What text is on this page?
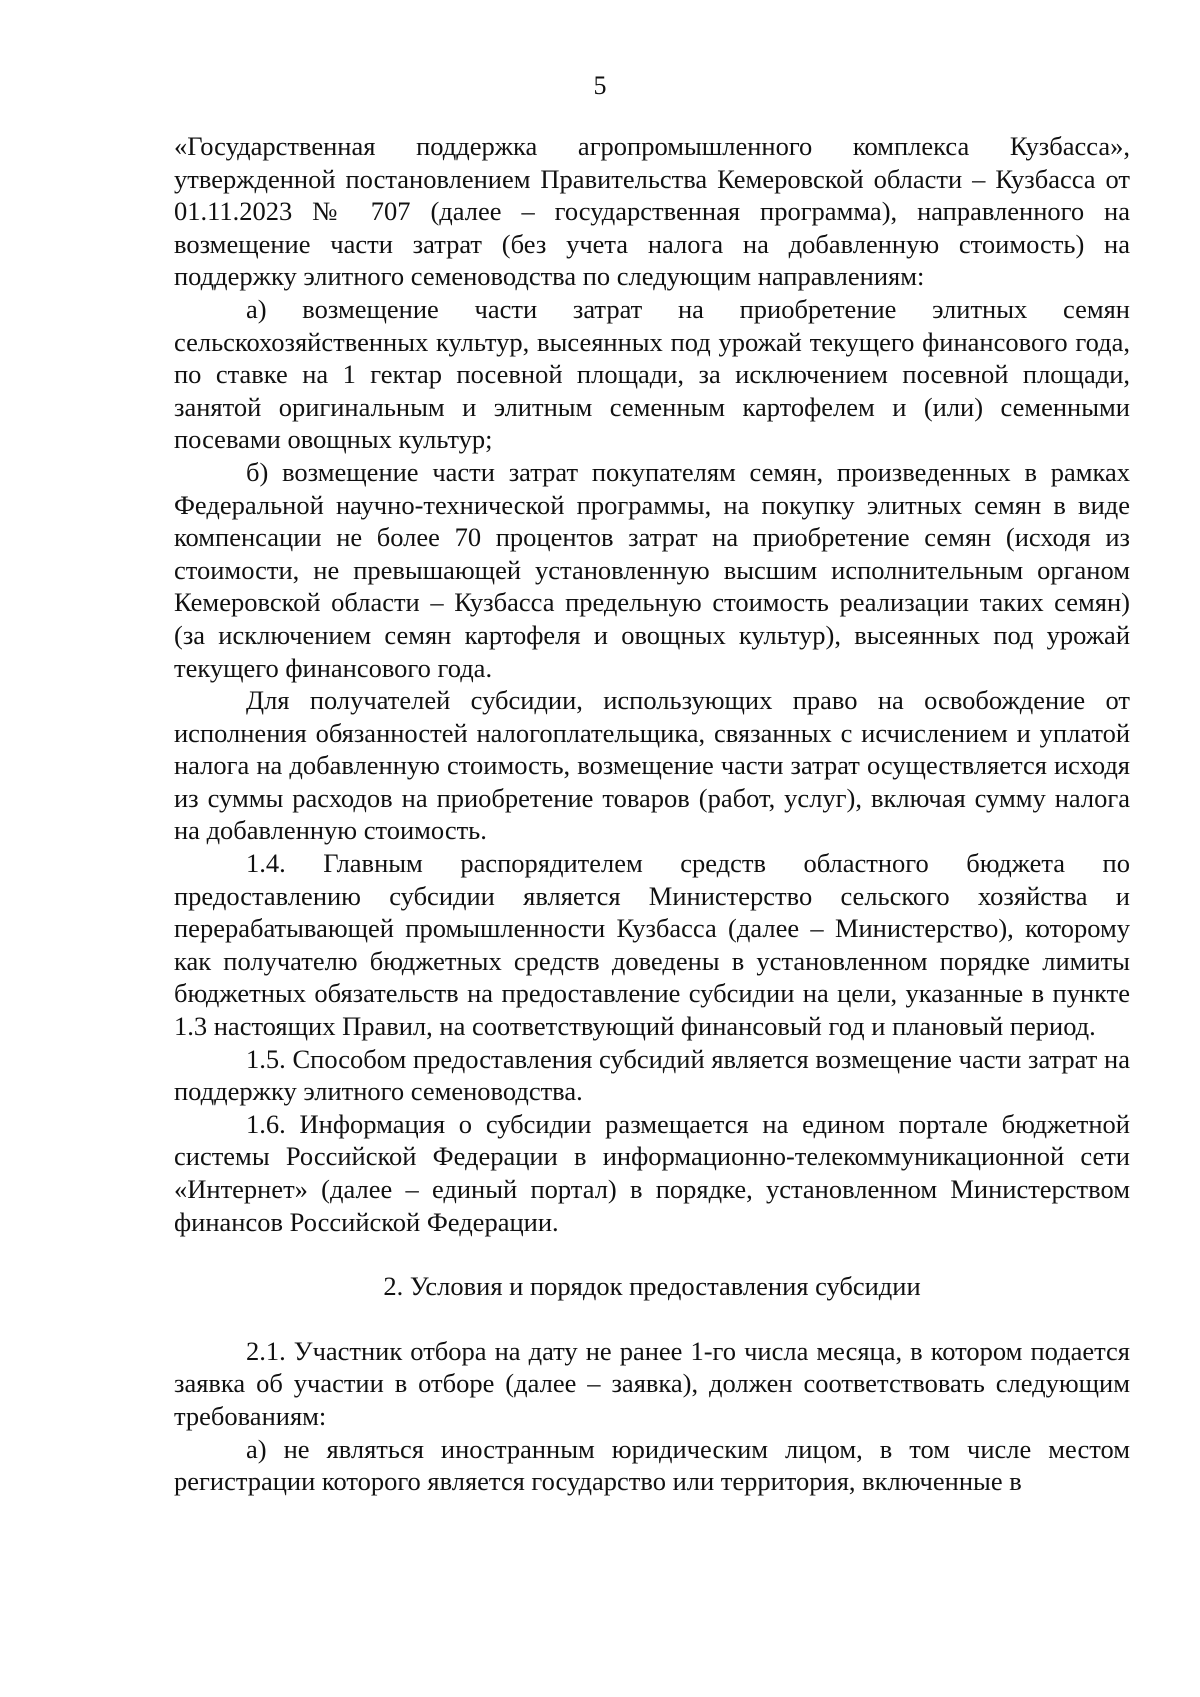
5

«Государственная поддержка агропромышленного комплекса Кузбасса», утвержденной постановлением Правительства Кемеровской области – Кузбасса от 01.11.2023 № 707 (далее – государственная программа), направленного на возмещение части затрат (без учета налога на добавленную стоимость) на поддержку элитного семеноводства по следующим направлениям:

а) возмещение части затрат на приобретение элитных семян сельскохозяйственных культур, высеянных под урожай текущего финансового года, по ставке на 1 гектар посевной площади, за исключением посевной площади, занятой оригинальным и элитным семенным картофелем и (или) семенными посевами овощных культур;

б) возмещение части затрат покупателям семян, произведенных в рамках Федеральной научно-технической программы, на покупку элитных семян в виде компенсации не более 70 процентов затрат на приобретение семян (исходя из стоимости, не превышающей установленную высшим исполнительным органом Кемеровской области – Кузбасса предельную стоимость реализации таких семян) (за исключением семян картофеля и овощных культур), высеянных под урожай текущего финансового года.

Для получателей субсидии, использующих право на освобождение от исполнения обязанностей налогоплательщика, связанных с исчислением и уплатой налога на добавленную стоимость, возмещение части затрат осуществляется исходя из суммы расходов на приобретение товаров (работ, услуг), включая сумму налога на добавленную стоимость.

1.4. Главным распорядителем средств областного бюджета по предоставлению субсидии является Министерство сельского хозяйства и перерабатывающей промышленности Кузбасса (далее – Министерство), которому как получателю бюджетных средств доведены в установленном порядке лимиты бюджетных обязательств на предоставление субсидии на цели, указанные в пункте 1.3 настоящих Правил, на соответствующий финансовый год и плановый период.

1.5. Способом предоставления субсидий является возмещение части затрат на поддержку элитного семеноводства.

1.6. Информация о субсидии размещается на едином портале бюджетной системы Российской Федерации в информационно-телекоммуникационной сети «Интернет» (далее – единый портал) в порядке, установленном Министерством финансов Российской Федерации.

2. Условия и порядок предоставления субсидии

2.1. Участник отбора на дату не ранее 1-го числа месяца, в котором подается заявка об участии в отборе (далее – заявка), должен соответствовать следующим требованиям:

а) не являться иностранным юридическим лицом, в том числе местом регистрации которого является государство или территория, включенные в
